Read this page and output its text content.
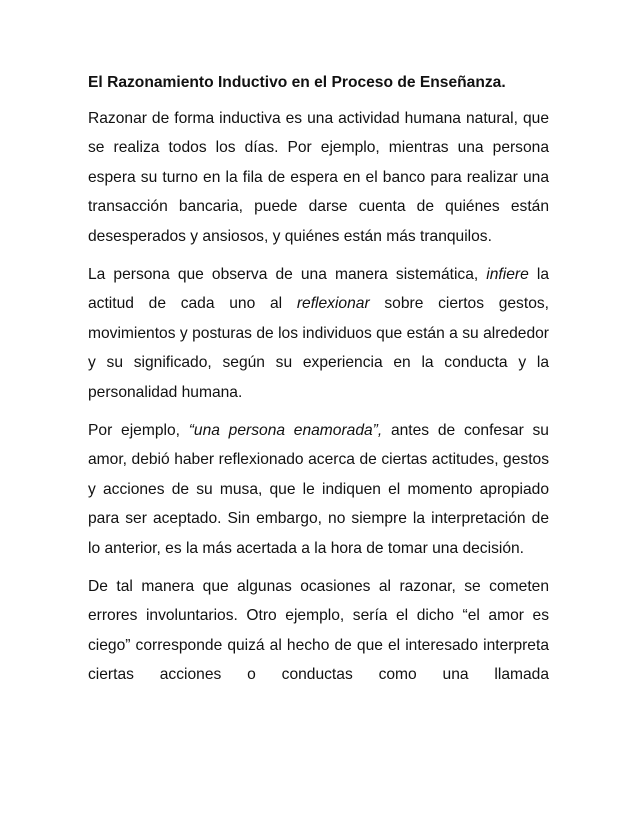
El Razonamiento Inductivo en el Proceso de Enseñanza.

Razonar de forma inductiva es una actividad humana natural, que se realiza todos los días. Por ejemplo, mientras una persona espera su turno en la fila de espera en el banco para realizar una transacción bancaria, puede darse cuenta de quiénes están desesperados y ansiosos, y quiénes están más tranquilos.

La persona que observa de una manera sistemática, infiere la actitud de cada uno al reflexionar sobre ciertos gestos, movimientos y posturas de los individuos que están a su alrededor y su significado, según su experiencia en la conducta y la personalidad humana.

Por ejemplo, “una persona enamorada”, antes de confesar su amor, debió haber reflexionado acerca de ciertas actitudes, gestos y acciones de su musa, que le indiquen el momento apropiado para ser aceptado. Sin embargo, no siempre la interpretación de lo anterior, es la más acertada a la hora de tomar una decisión.

De tal manera que algunas ocasiones al razonar, se cometen errores involuntarios. Otro ejemplo, sería el dicho “el amor es ciego” corresponde quizá al hecho de que el interesado interpreta ciertas acciones o conductas como una llamada
